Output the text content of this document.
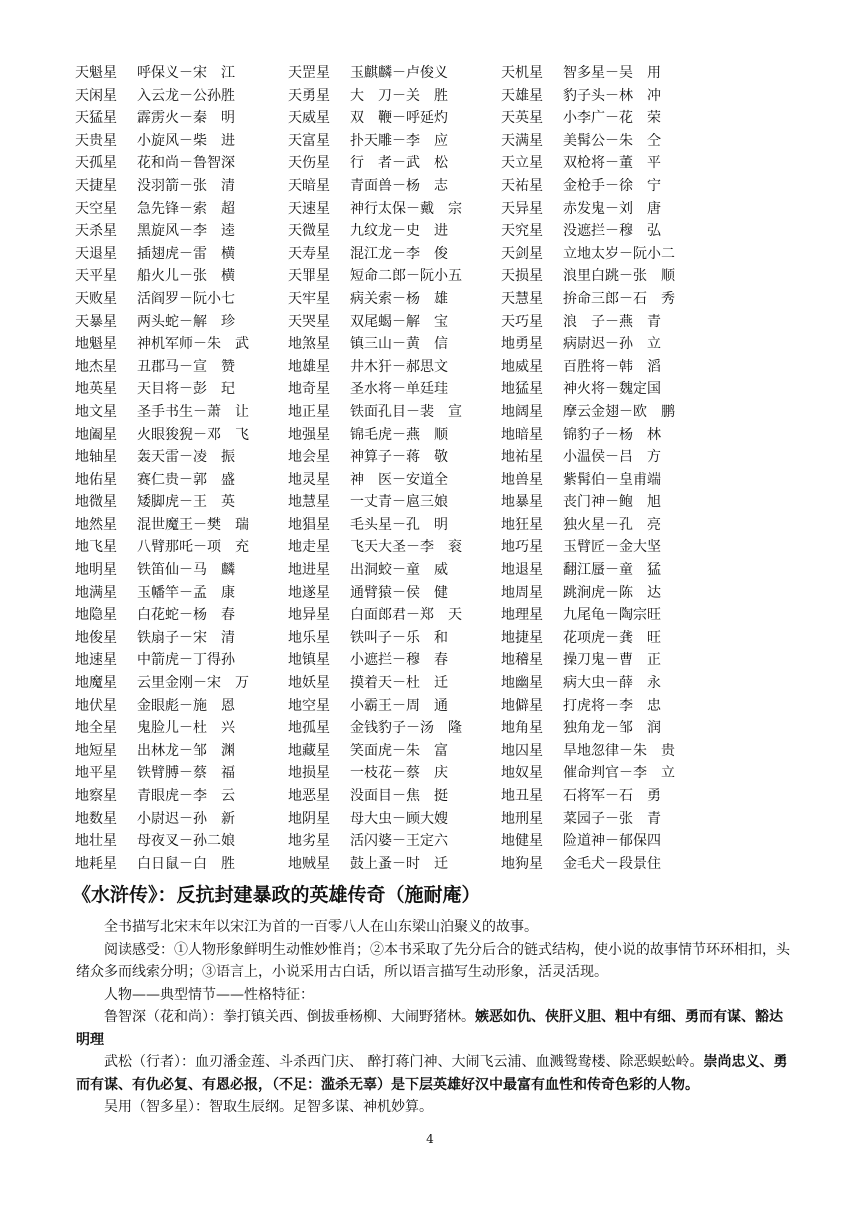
天魁星	呼保义－宋　江	天罡星	玉麒麟－卢俊义	天机星	智多星－吴　用
天闲星	入云龙－公孙胜	天勇星	大　刀－关　胜	天雄星	豹子头－林　冲
天猛星	霹雳火－秦　明	天威星	双　鞭－呼延灼	天英星	小李广－花　荣
天贵星	小旋风－柴　进	天富星	扑天雕－李　应	天满星	美髯公－朱　仝
天孤星	花和尚－鲁智深	天伤星	行　者－武　松	天立星	双枪将－董　平
天捷星	没羽箭－张　清	天暗星	青面兽－杨　志	天祐星	金枪手－徐　宁
天空星	急先锋－索　超	天速星	神行太保－戴　宗	天异星	赤发鬼－刘　唐
天杀星	黑旋风－李　逵	天微星	九纹龙－史　进	天究星	没遮拦－穆　弘
天退星	插翅虎－雷　横	天寿星	混江龙－李　俊	天剑星	立地太岁－阮小二
天平星	船火儿－张　横	天罪星	短命二郎－阮小五	天损星	浪里白跳－张　顺
天败星	活阎罗－阮小七	天牢星	病关索－杨　雄	天慧星	拚命三郎－石　秀
天暴星	两头蛇－解　珍	天哭星	双尾蝎－解　宝	天巧星	浪　子－燕　青
地魁星	神机军师－朱　武	地煞星	镇三山－黄　信	地勇星	病尉迟－孙　立
地杰星	丑郡马－宣　赞	地雄星	井木犴－郝思文	地威星	百胜将－韩　滔
地英星	天目将－彭　玘	地奇星	圣水将－单廷珪	地猛星	神火将－魏定国
地文星	圣手书生－萧　让	地正星	铁面孔目－裴　宣	地阔星	摩云金翅－欧　鹏
地阖星	火眼狻猊－邓　飞	地强星	锦毛虎－燕　顺	地暗星	锦豹子－杨　林
地轴星	轰天雷－凌　振	地会星	神算子－蒋　敬	地祐星	小温侯－吕　方
地佑星	赛仁贵－郭　盛	地灵星	神　医－安道全	地兽星	紫髯伯－皇甫端
地微星	矮脚虎－王　英	地慧星	一丈青－扈三娘	地暴星	丧门神－鲍　旭
地然星	混世魔王－樊　瑞	地猖星	毛头星－孔　明	地狂星	独火星－孔　亮
地飞星	八臂那吒－项　充	地走星	飞天大圣－李　衮	地巧星	玉臂匠－金大坚
地明星	铁笛仙－马　麟	地进星	出洞蛟－童　威	地退星	翻江蜃－童　猛
地满星	玉幡竿－孟　康	地遂星	通臂猿－侯　健	地周星	跳涧虎－陈　达
地隐星	白花蛇－杨　春	地异星	白面郎君－郑　天	地理星	九尾龟－陶宗旺
地俊星	铁扇子－宋　清	地乐星	铁叫子－乐　和	地捷星	花项虎－龚　旺
地速星	中箭虎－丁得孙	地镇星	小遮拦－穆　春	地稽星	操刀鬼－曹　正
地魔星	云里金刚－宋　万	地妖星	摸着天－杜　迁	地幽星	病大虫－薛　永
地伏星	金眼彪－施　恩	地空星	小霸王－周　通	地僻星	打虎将－李　忠
地全星	鬼脸儿－杜　兴	地孤星	金钱豹子－汤　隆	地角星	独角龙－邹　润
地短星	出林龙－邹　渊	地藏星	笑面虎－朱　富	地囚星	旱地忽律－朱　贵
地平星	铁臂膊－蔡　福	地损星	一枝花－蔡　庆	地奴星	催命判官－李　立
地察星	青眼虎－李　云	地恶星	没面目－焦　挺	地丑星	石将军－石　勇
地数星	小尉迟－孙　新	地阴星	母大虫－顾大嫂	地刑星	菜园子－张　青
地壮星	母夜叉－孙二娘	地劣星	活闪婆－王定六	地健星	险道神－郁保四
地耗星	白日鼠－白　胜	地贼星	鼓上蚤－时　迁	地狗星	金毛犬－段景住
《水浒传》：反抗封建暴政的英雄传奇（施耐庵）

全书描写北宋末年以宋江为首的一百零八人在山东梁山泊聚义的故事。

阅读感受：①人物形象鲜明生动惟妙惟肖；②本书采取了先分后合的链式结构，使小说的故事情节环环相扣，头绪众多而线索分明；③语言上，小说采用古白话，所以语言描写生动形象，活灵活现。

人物——典型情节——性格特征：

鲁智深（花和尚）：拳打镇关西、倒拔垂杨柳、大闹野猪林。嫉恶如仇、侠肝义胆、粗中有细、勇而有谋、豁达明理

武松（行者）：血刃潘金莲、斗杀西门庆、 醉打蒋门神、大闹飞云浦、血溅鸳鸯楼、除恶蜈蚣岭。崇尚忠义、勇而有谋、有仇必复、有恩必报，（不足：滥杀无辜）是下层英雄好汉中最富有血性和传奇色彩的人物。

吴用（智多星）：智取生辰纲。足智多谋、神机妙算。

4
